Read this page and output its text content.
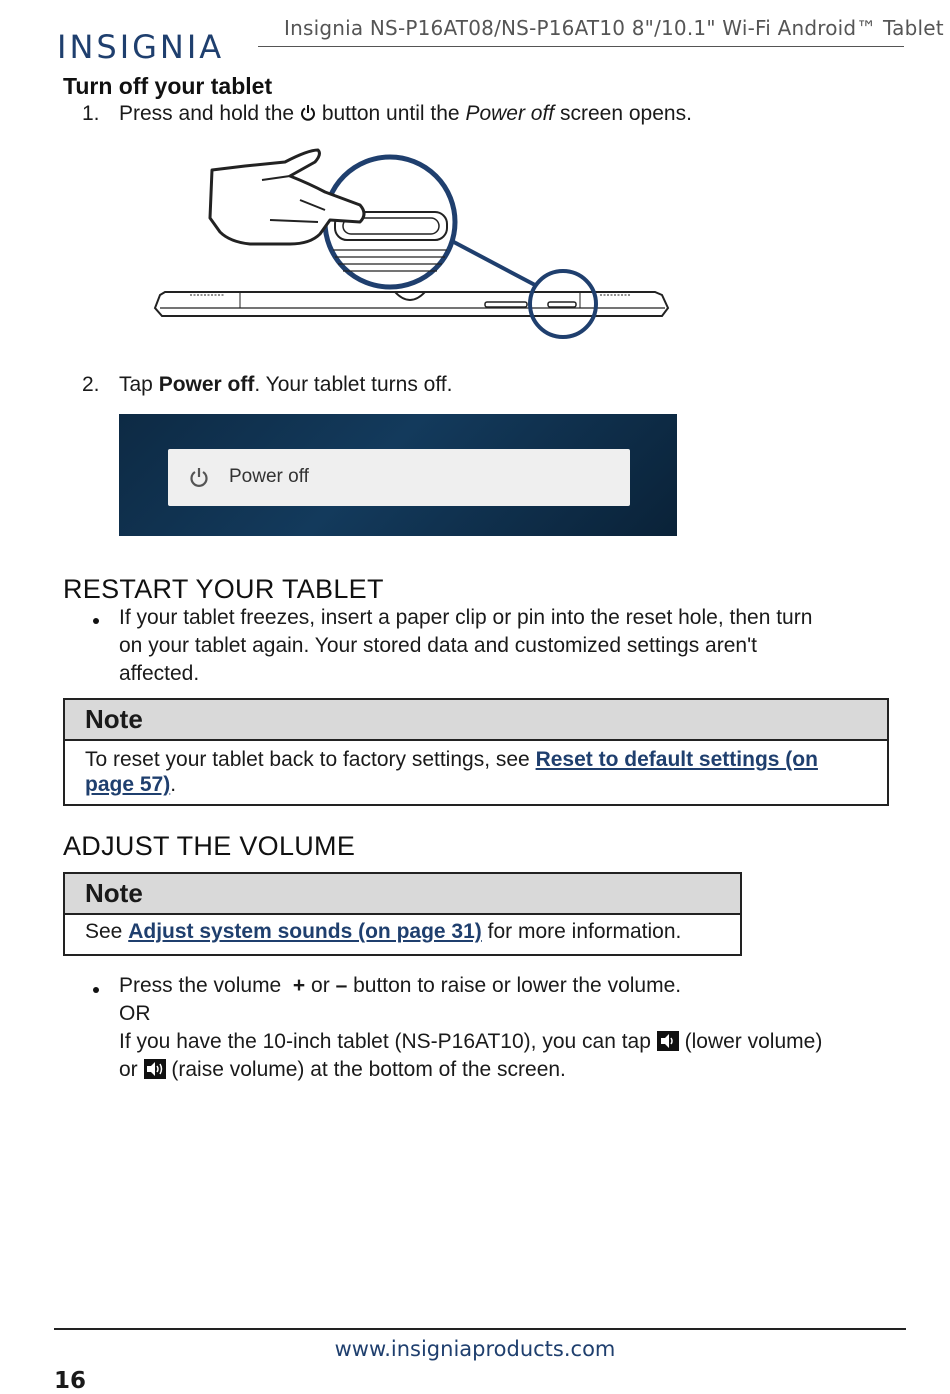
INSIGNIA	Insignia NS-P16AT08/NS-P16AT10 8"/10.1" Wi-Fi Android™ Tablet
Turn off your tablet
1. Press and hold the button until the Power off screen opens.
2. Tap Power off. Your tablet turns off.
Power off
RESTART YOUR TABLET
If your tablet freezes, insert a paper clip or pin into the reset hole, then turn
on your tablet again. Your stored data and customized settings aren't
affected.
Note
To reset your tablet back to factory settings, see Reset to default settings (on
page 57).
ADJUST THE VOLUME
Note
See Adjust system sounds (on page 31) for more information.
Press the volume + or – button to raise or lower the volume.
OR
If you have the 10-inch tablet (NS-P16AT10), you can tap (lower volume)
or (raise volume) at the bottom of the screen.
www.insigniaproducts.com
16
